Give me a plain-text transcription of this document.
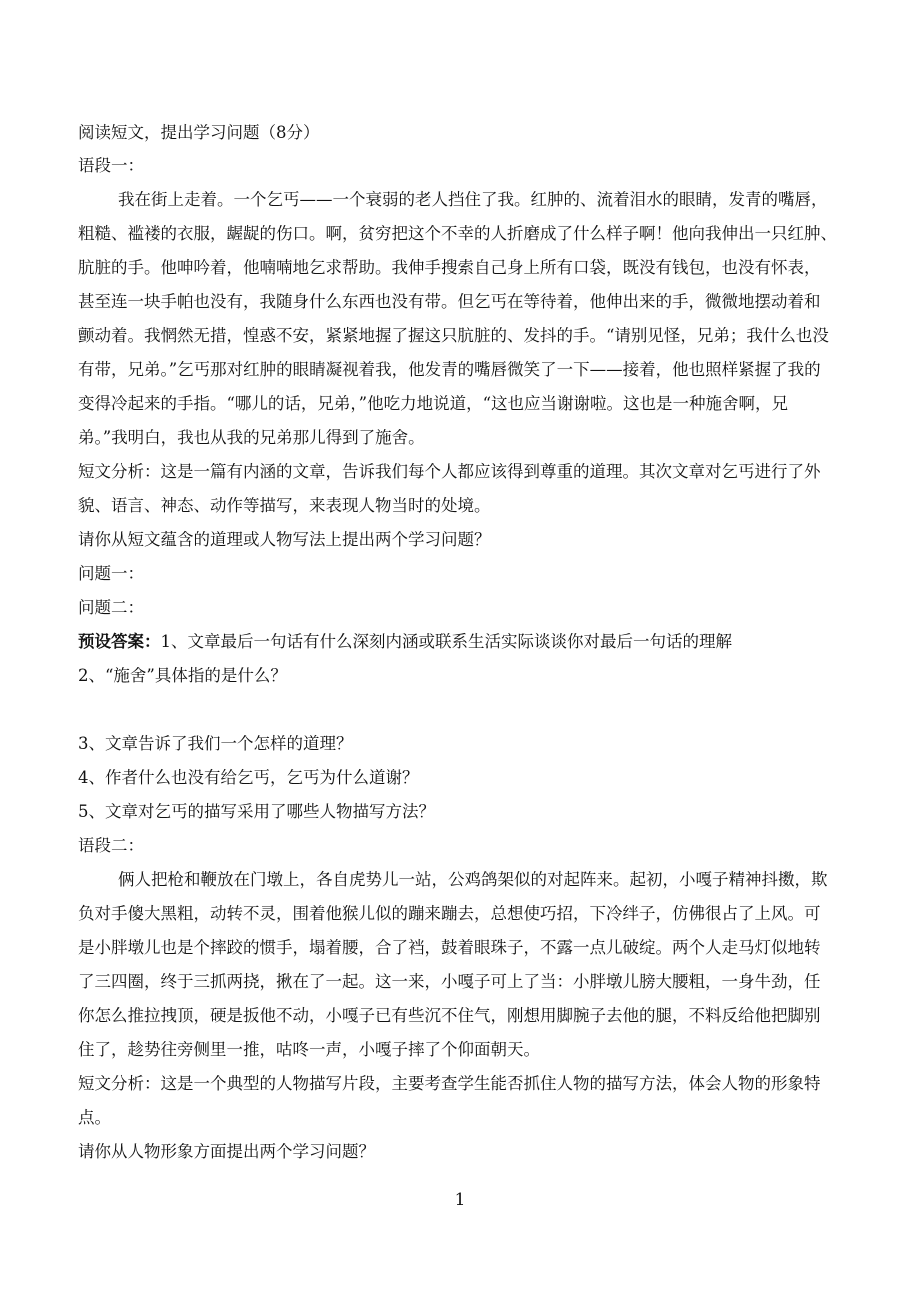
阅读短文，提出学习问题（8分）
语段一：
我在街上走着。一个乞丐——一个衰弱的老人挡住了我。红肿的、流着泪水的眼睛，发青的嘴唇，
粗糙、褴褛的衣服，龌龊的伤口。啊，贫穷把这个不幸的人折磨成了什么样子啊！他向我伸出一只红肿、
肮脏的手。他呻吟着，他喃喃地乞求帮助。我伸手搜索自己身上所有口袋，既没有钱包，也没有怀表，
甚至连一块手帕也没有，我随身什么东西也没有带。但乞丐在等待着，他伸出来的手，微微地摆动着和
颤动着。我惘然无措，惶惑不安，紧紧地握了握这只肮脏的、发抖的手。“请别见怪，兄弟；我什么也没
有带，兄弟。”乞丐那对红肿的眼睛凝视着我，他发青的嘴唇微笑了一下——接着，他也照样紧握了我的
变得冷起来的手指。“哪儿的话，兄弟，”他吃力地说道，“这也应当谢谢啦。这也是一种施舍啊，兄
弟。”我明白，我也从我的兄弟那儿得到了施舍。
短文分析：这是一篇有内涵的文章，告诉我们每个人都应该得到尊重的道理。其次文章对乞丐进行了外
貌、语言、神态、动作等描写，来表现人物当时的处境。
请你从短文蕴含的道理或人物写法上提出两个学习问题？
问题一：
问题二：
预设答案：1、文章最后一句话有什么深刻内涵或联系生活实际谈谈你对最后一句话的理解
2、“施舍”具体指的是什么？
3、文章告诉了我们一个怎样的道理？
4、作者什么也没有给乞丐，乞丐为什么道谢？
5、文章对乞丐的描写采用了哪些人物描写方法？
语段二：
俩人把枪和鞭放在门墩上，各自虎势儿一站，公鸡鸽架似的对起阵来。起初，小嘎子精神抖擞，欺
负对手傻大黑粗，动转不灵，围着他猴儿似的蹦来蹦去，总想使巧招，下冷绊子，仿佛很占了上风。可
是小胖墩儿也是个摔跤的惯手，塌着腰，合了裆，鼓着眼珠子，不露一点儿破绽。两个人走马灯似地转
了三四圈，终于三抓两挠，揪在了一起。这一来，小嘎子可上了当：小胖墩儿膀大腰粗，一身牛劲，任
你怎么推拉拽顶，硬是扳他不动，小嘎子已有些沉不住气，刚想用脚腕子去他的腿，不料反给他把脚别
住了，趁势往旁侧里一推，咕咚一声，小嘎子摔了个仰面朝天。
短文分析：这是一个典型的人物描写片段，主要考查学生能否抓住人物的描写方法，体会人物的形象特
点。
请你从人物形象方面提出两个学习问题？
1
